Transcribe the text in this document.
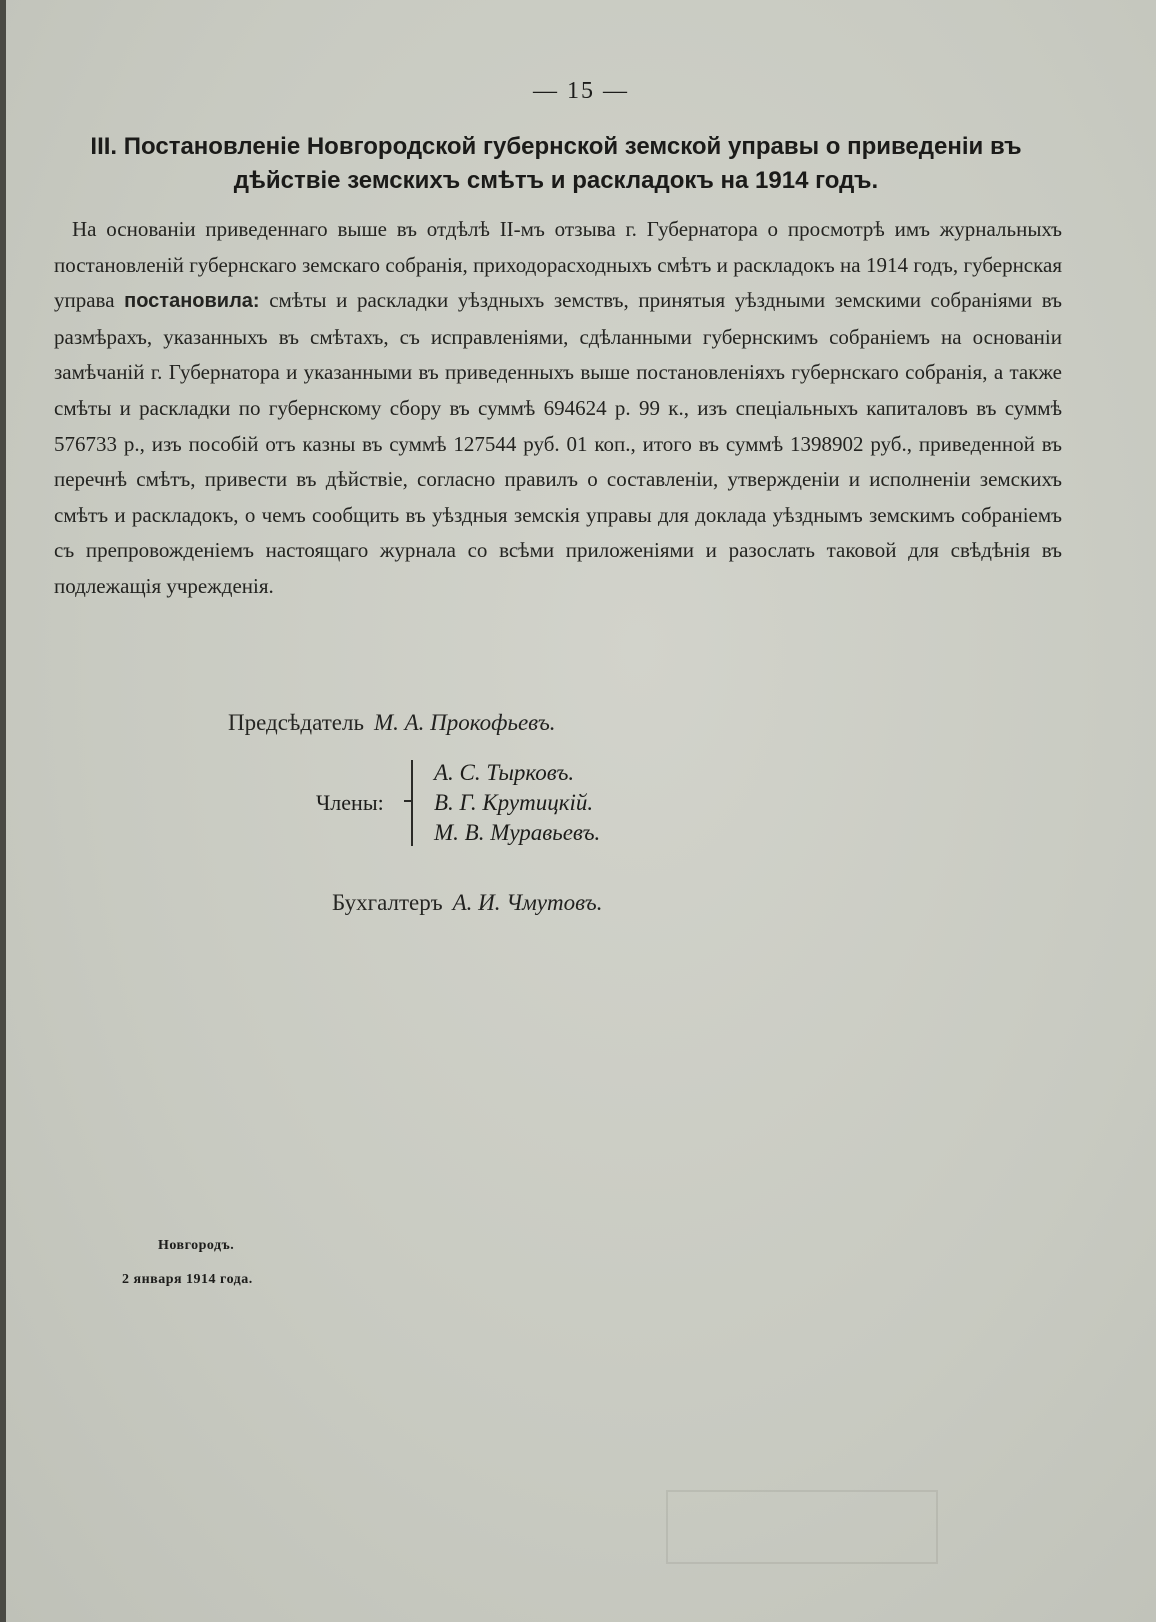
— 15 —
III. Постановленіе Новгородской губернской земской управы о приведеніи въ дѣйствіе земскихъ смѣтъ и раскладокъ на 1914 годъ.
На основаніи приведеннаго выше въ отдѣлѣ II-мъ отзыва г. Губернатора о просмотрѣ имъ журнальныхъ постановленій губернскаго земскаго собранія, приходорасходныхъ смѣтъ и раскладокъ на 1914 годъ, губернская управа постановила: смѣты и раскладки уѣздныхъ земствъ, принятыя уѣздными земскими собраніями въ размѣрахъ, указанныхъ въ смѣтахъ, съ исправленіями, сдѣланными губернскимъ собраніемъ на основаніи замѣчаній г. Губернатора и указанными въ приведенныхъ выше постановленіяхъ губернскаго собранія, а также смѣты и раскладки по губернскому сбору въ суммѣ 694624 р. 99 к., изъ спеціальныхъ капиталовъ въ суммѣ 576733 р., изъ пособій отъ казны въ суммѣ 127544 руб. 01 коп., итого въ суммѣ 1398902 руб., приведенной въ перечнѣ смѣтъ, привести въ дѣйствіе, согласно правилъ о составленіи, утвержденіи и исполненіи земскихъ смѣтъ и раскладокъ, о чемъ сообщить въ уѣздныя земскія управы для доклада уѣзднымъ земскимъ собраніемъ съ препровожденіемъ настоящаго журнала со всѣми приложеніями и разослать таковой для свѣдѣнія въ подлежащія учрежденія.
Предсѣдатель М. А. Прокофьевъ.
Члены:
А. С. Тырковъ.
В. Г. Крутицкій.
М. В. Муравьевъ.
Бухгалтеръ А. И. Чмутовъ.
Новгородъ.
2 января 1914 года.
